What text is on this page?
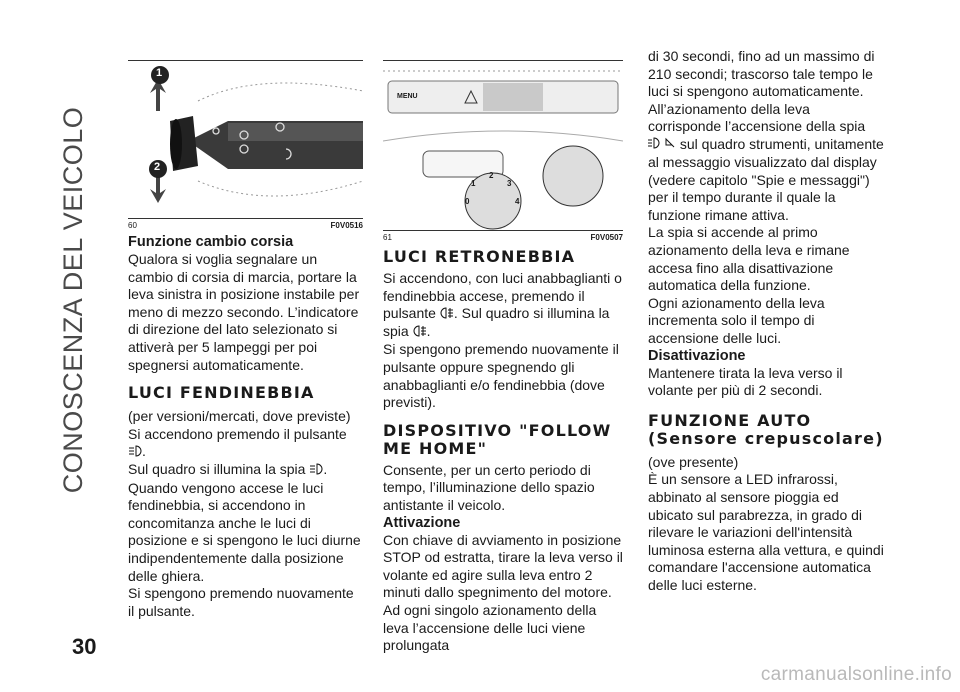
CONOSCENZA DEL VEICOLO
30
1
2
60	F0V0516
MENU
1
2
3
0	4
61	F0V0507
Funzione cambio corsia

Qualora si voglia segnalare un cambio di corsia di marcia, portare la leva sinistra in posizione instabile per meno di mezzo secondo. L’indicatore di direzione del lato selezionato si attiverà per 5 lampeggi per poi spegnersi automaticamente.

LUCI FENDINEBBIA

(per versioni/mercati, dove previste)

Si accendono premendo il pulsante .
Sul quadro si illumina la spia .

Quando vengono accese le luci fendinebbia, si accendono in concomitanza anche le luci di posizione e si spengono le luci diurne indipendentemente dalla posizione delle ghiera.

Si spengono premendo nuovamente il pulsante.

LUCI RETRONEBBIA

Si accendono, con luci anabbaglianti o fendinebbia accese, premendo il pulsante . Sul quadro si illumina la spia .

Si spengono premendo nuovamente il pulsante oppure spegnendo gli anabbaglianti e/o fendinebbia (dove previsti).

DISPOSITIVO "FOLLOW ME HOME"

Consente, per un certo periodo di tempo, l’illuminazione dello spazio antistante il veicolo.

Attivazione

Con chiave di avviamento in posizione STOP od estratta, tirare la leva verso il volante ed agire sulla leva entro 2 minuti dallo spegnimento del motore.

Ad ogni singolo azionamento della leva l’accensione delle luci viene prolungata

di 30 secondi, fino ad un massimo di 210 secondi; trascorso tale tempo le luci si spengono automaticamente.

All’azionamento della leva corrisponde l’accensione della spia  sul quadro strumenti, unitamente al messaggio visualizzato dal display (vedere capitolo "Spie e messaggi") per il tempo durante il quale la funzione rimane attiva.

La spia si accende al primo azionamento della leva e rimane accesa fino alla disattivazione automatica della funzione.

Ogni azionamento della leva incrementa solo il tempo di accensione delle luci.

Disattivazione

Mantenere tirata la leva verso il volante per più di 2 secondi.

FUNZIONE AUTO (Sensore crepuscolare)

(ove presente)

È un sensore a LED infrarossi, abbinato al sensore pioggia ed ubicato sul parabrezza, in grado di rilevare le variazioni dell'intensità luminosa esterna alla vettura, e quindi comandare l'accensione automatica delle luci esterne.

carmanualsonline.info
